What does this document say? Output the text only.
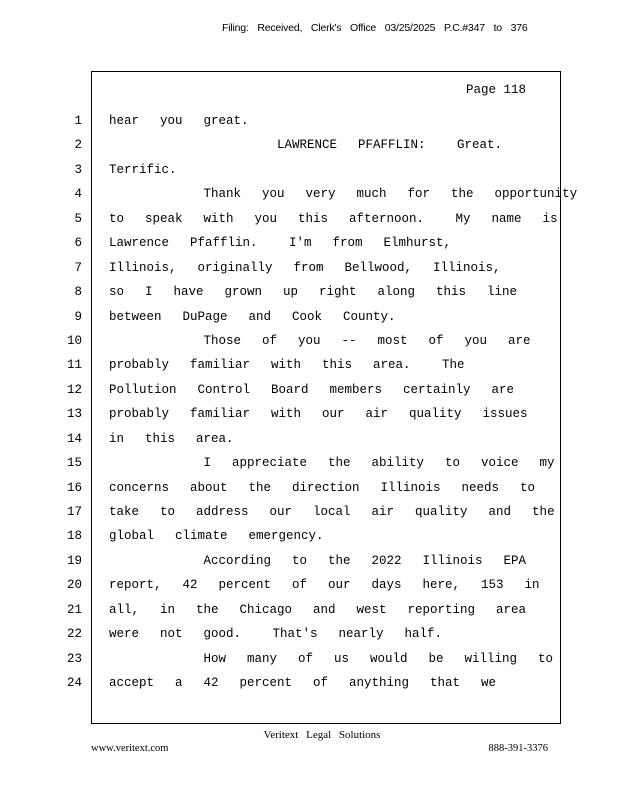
Filing: Received, Clerk's Office 03/25/2025 P.C.#347 to 376
Page 118
1 hear  you  great.
2 LAWRENCE  PFAFFLIN:   Great.
3 Terrific.
4 Thank  you  very  much  for  the  opportunity
5 to  speak  with  you  this  afternoon.   My  name  is
6 Lawrence  Pfafflin.   I'm  from  Elmhurst,
7 Illinois,  originally  from  Bellwood,  Illinois,
8 so  I  have  grown  up  right  along  this  line
9 between  DuPage  and  Cook  County.
10 Those  of  you  --  most  of  you  are
11 probably  familiar  with  this  area.   The
12 Pollution  Control  Board  members  certainly  are
13 probably  familiar  with  our  air  quality  issues
14 in  this  area.
15 I  appreciate  the  ability  to  voice  my
16 concerns  about  the  direction  Illinois  needs  to
17 take  to  address  our  local  air  quality  and  the
18 global  climate  emergency.
19 According  to  the  2022  Illinois  EPA
20 report,  42  percent  of  our  days  here,  153  in
21 all,  in  the  Chicago  and  west  reporting  area
22 were  not  good.   That's  nearly  half.
23 How  many  of  us  would  be  willing  to
24 accept  a  42  percent  of  anything  that  we
Veritext Legal Solutions
www.veritext.com	888-391-3376
